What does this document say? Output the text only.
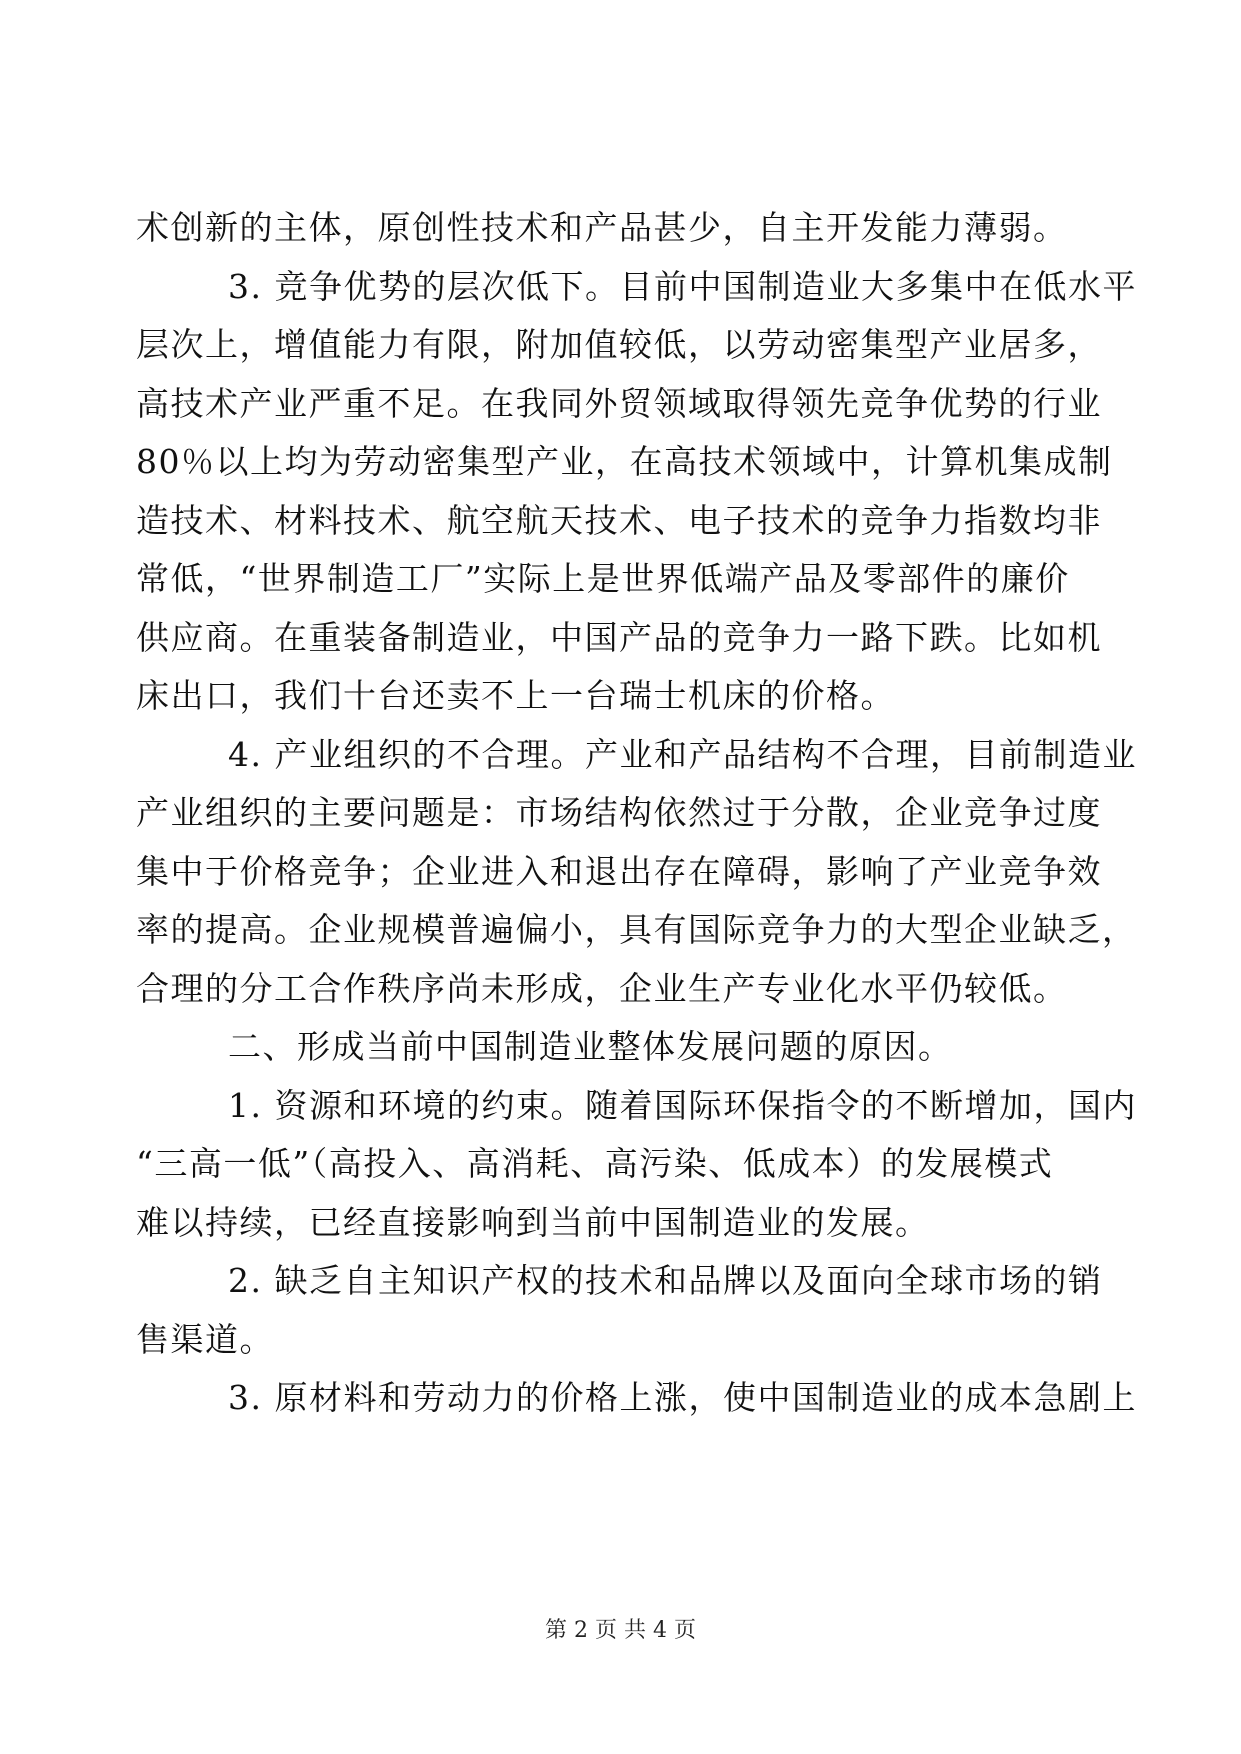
术创新的主体，原创性技术和产品甚少，自主开发能力薄弱。
3. 竞争优势的层次低下。目前中国制造业大多集中在低水平
层次上，增值能力有限，附加值较低，以劳动密集型产业居多，
高技术产业严重不足。在我同外贸领域取得领先竞争优势的行业
80％以上均为劳动密集型产业，在高技术领域中，计算机集成制
造技术、材料技术、航空航天技术、电子技术的竞争力指数均非
常低，“世界制造工厂”实际上是世界低端产品及零部件的廉价
供应商。在重装备制造业，中国产品的竞争力一路下跌。比如机
床出口，我们十台还卖不上一台瑞士机床的价格。
4. 产业组织的不合理。产业和产品结构不合理，目前制造业
产业组织的主要问题是：市场结构依然过于分散，企业竞争过度
集中于价格竞争；企业进入和退出存在障碍，影响了产业竞争效
率的提高。企业规模普遍偏小，具有国际竞争力的大型企业缺乏，
合理的分工合作秩序尚未形成，企业生产专业化水平仍较低。
二、形成当前中国制造业整体发展问题的原因。
1. 资源和环境的约束。随着国际环保指令的不断增加，国内
“三高一低”（高投入、高消耗、高污染、低成本）的发展模式
难以持续，已经直接影响到当前中国制造业的发展。
2. 缺乏自主知识产权的技术和品牌以及面向全球市场的销
售渠道。
3. 原材料和劳动力的价格上涨，使中国制造业的成本急剧上
第 2 页 共 4 页
